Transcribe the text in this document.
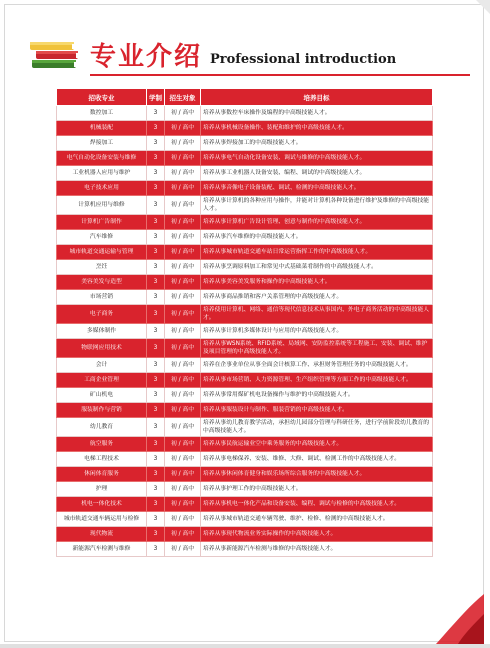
专业介绍 Professional introduction
招收专业	学制	招生对象	培养目标
数控加工	3	初 / 高中	培养从事数控车床操作及编程的中高级技能人才。
机械装配	3	初 / 高中	培养从事机械设备操作、装配和维护的中高级技能人才。
焊接加工	3	初 / 高中	培养从事焊接加工的中高级技能人才。
电气自动化设备安装与维修	3	初 / 高中	培养从事电气自动化设备安装、调试与维修的中高级技能人才。
工业机器人应用与维护	3	初 / 高中	培养从事工业机器人设备安装、编程、调试的中高级技能人才。
电子技术应用	3	初 / 高中	培养从事音像电子设备装配、调试、检测的中高级技能人才。
计算机应用与维修	3	初 / 高中	培养从事计算机的各种应用与操作，并能对计算机各种设备进行维护及维修的中高级技能人才。
计算机广告制作	3	初 / 高中	培养从事计算机广告设计管理、创意与制作的中高级技能人才。
汽车维修	3	初 / 高中	培养从事汽车维修的中高级技能人才。
城市轨道交通运输与管理	3	初 / 高中	培养从事城市轨道交通车站日常运营指挥工作的中高级技能人才。
烹饪	3	初 / 高中	培养从事烹调原料加工和常见中式基础菜肴制作的中高级技能人才。
美容美发与造型	3	初 / 高中	培养从事美容美发服务和操作的中高级技能人才。
市场营销	3	初 / 高中	培养从事商品推销和客户关系管理的中高级技能人才。
电子商务	3	初 / 高中	培养使用计算机、网络、通信等现代信息技术从事国内、外电子商务活动的中高级技能人才。
多媒体制作	3	初 / 高中	培养从事计算机多媒体设计与应用的中高级技能人才。
物联网应用技术	3	初 / 高中	培养从事WSN系统、RFID系统、局域网、安防监控系统等工程施工、安装、调试、维护及项目管理的中高级技能人才。
会计	3	初 / 高中	培养在企事业单位从事全面会计核算工作、承担财务管理任务的中高级技能人才。
工商企业管理	3	初 / 高中	培养从事市场营销、人力资源管理、生产组织管理等方面工作的中高级技能人才。
矿山机电	3	初 / 高中	培养从事常用煤矿机电设备操作与维护的中高级技能人才。
服装制作与营销	3	初 / 高中	培养从事服装设计与制作、服装营销的中高级技能人才。
幼儿教育	3	初 / 高中	培养从事幼儿教育教学活动，承担幼儿园部分管理与科研任务，进行学前阶段幼儿教育的中高级技能人才。
航空服务	3	初 / 高中	培养从事民航运输业空中乘务服务的中高级技能人才。
电梯工程技术	3	初 / 高中	培养从事电梯保养、安装、维修、大修、调试、检测工作的中高级技能人才。
休闲体育服务	3	初 / 高中	培养从事休闲体育健身和娱乐场所综合服务的中高级技能人才。
护理	3	初 / 高中	培养从事护理工作的中高级技能人才。
机电一体化技术	3	初 / 高中	培养从事机电一体化产品和设备安装、编程、调试与检修的中高级技能人才。
城市轨道交通车辆运用与检修	3	初 / 高中	培养从事城市轨道交通车辆驾驶、维护、检修、检测的中高级技能人才。
现代物流	3	初 / 高中	培养从事现代物流业务实际操作的中高级技能人才。
新能源汽车检测与维修	3	初 / 高中	培养从事新能源汽车检测与维修的中高级技能人才。
